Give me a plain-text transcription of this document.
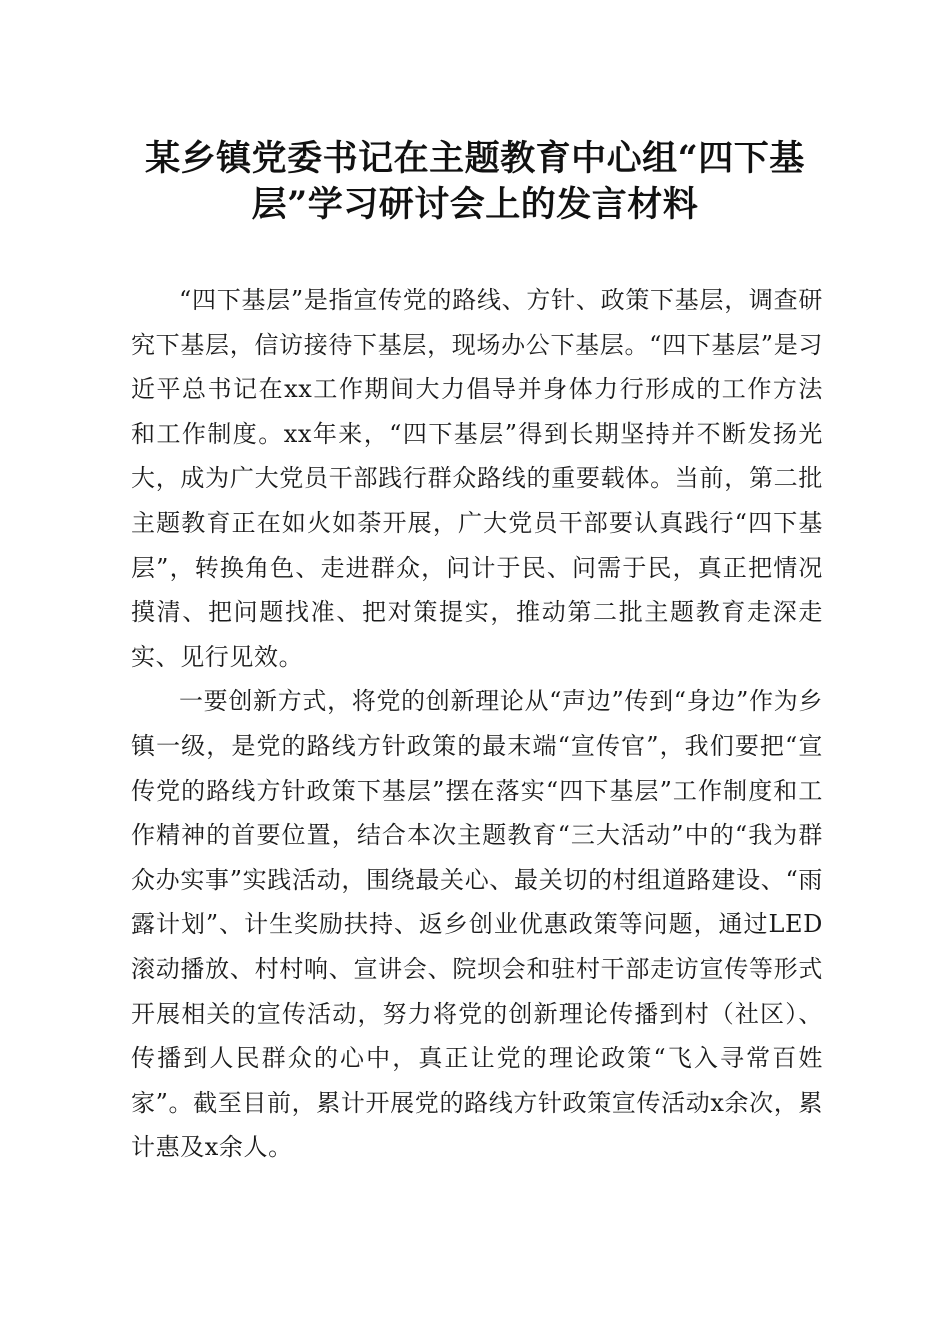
某乡镇党委书记在主题教育中心组“四下基层”学习研讨会上的发言材料

“四下基层”是指宣传党的路线、方针、政策下基层，调查研究下基层，信访接待下基层，现场办公下基层。“四下基层”是习近平总书记在xx工作期间大力倡导并身体力行形成的工作方法和工作制度。xx年来，“四下基层”得到长期坚持并不断发扬光大，成为广大党员干部践行群众路线的重要载体。当前，第二批主题教育正在如火如荼开展，广大党员干部要认真践行“四下基层”，转换角色、走进群众，问计于民、问需于民，真正把情况摸清、把问题找准、把对策提实，推动第二批主题教育走深走实、见行见效。

一要创新方式，将党的创新理论从“声边”传到“身边”作为乡镇一级，是党的路线方针政策的最末端“宣传官”，我们要把“宣传党的路线方针政策下基层”摆在落实“四下基层”工作制度和工作精神的首要位置，结合本次主题教育“三大活动”中的“我为群众办实事”实践活动，围绕最关心、最关切的村组道路建设、“雨露计划”、计生奖励扶持、返乡创业优惠政策等问题，通过LED滚动播放、村村响、宣讲会、院坝会和驻村干部走访宣传等形式开展相关的宣传活动，努力将党的创新理论传播到村（社区）、传播到人民群众的心中，真正让党的理论政策“飞入寻常百姓家”。截至目前，累计开展党的路线方针政策宣传活动x余次，累计惠及x余人。
